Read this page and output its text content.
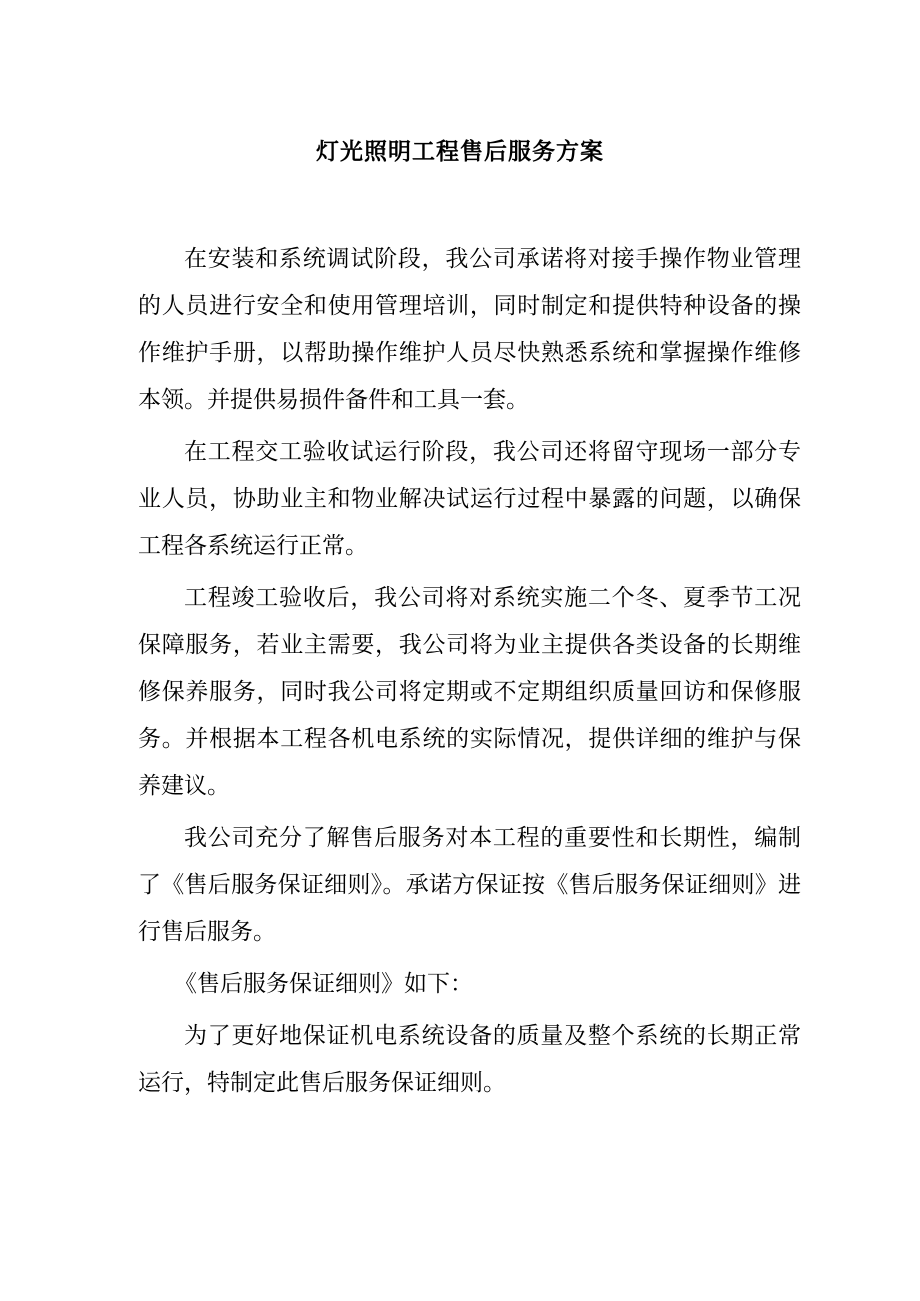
灯光照明工程售后服务方案

在安装和系统调试阶段，我公司承诺将对接手操作物业管理的人员进行安全和使用管理培训，同时制定和提供特种设备的操作维护手册，以帮助操作维护人员尽快熟悉系统和掌握操作维修本领。并提供易损件备件和工具一套。

在工程交工验收试运行阶段，我公司还将留守现场一部分专业人员，协助业主和物业解决试运行过程中暴露的问题，以确保工程各系统运行正常。

工程竣工验收后，我公司将对系统实施二个冬、夏季节工况保障服务，若业主需要，我公司将为业主提供各类设备的长期维修保养服务，同时我公司将定期或不定期组织质量回访和保修服务。并根据本工程各机电系统的实际情况，提供详细的维护与保养建议。

我公司充分了解售后服务对本工程的重要性和长期性，编制了《售后服务保证细则》。承诺方保证按《售后服务保证细则》进行售后服务。

《售后服务保证细则》如下：

为了更好地保证机电系统设备的质量及整个系统的长期正常运行，特制定此售后服务保证细则。
